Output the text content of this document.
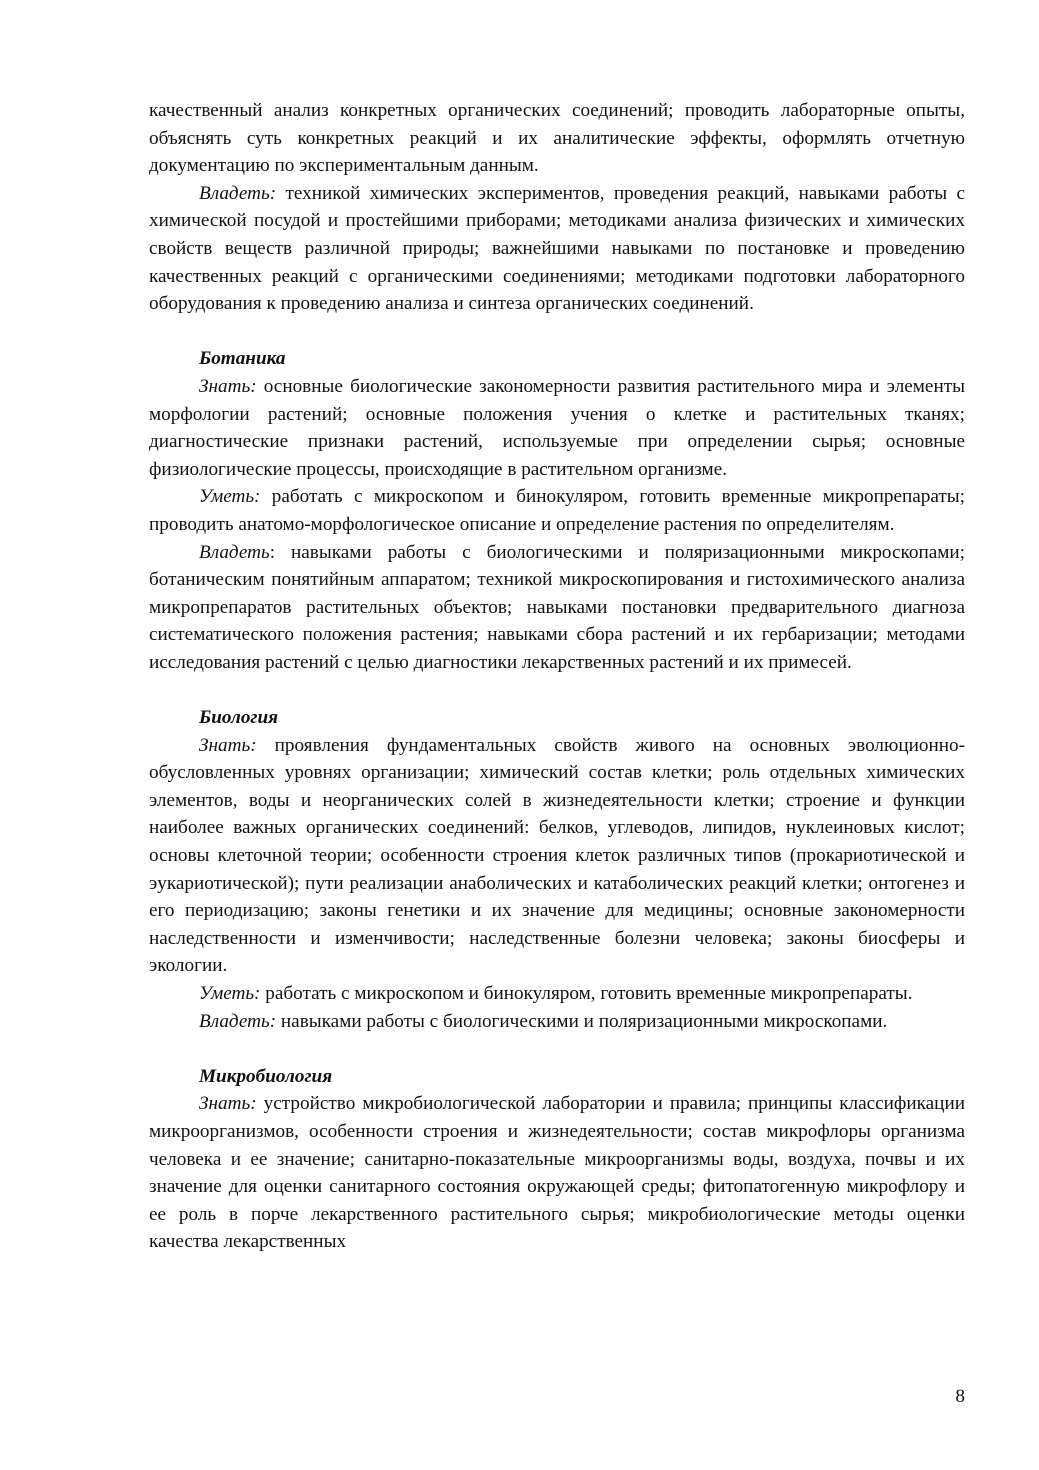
качественный анализ конкретных органических соединений; проводить лабораторные опыты, объяснять суть конкретных реакций и их аналитические эффекты, оформлять отчетную документацию по экспериментальным данным.

Владеть: техникой химических экспериментов, проведения реакций, навыками работы с химической посудой и простейшими приборами; методиками анализа физических и химических свойств веществ различной природы; важнейшими навыками по постановке и проведению качественных реакций с органическими соединениями; методиками подготовки лабораторного оборудования к проведению анализа и синтеза органических соединений.

Ботаника

Знать: основные биологические закономерности развития растительного мира и элементы морфологии растений; основные положения учения о клетке и растительных тканях; диагностические признаки растений, используемые при определении сырья; основные физиологические процессы, происходящие в растительном организме.

Уметь: работать с микроскопом и бинокуляром, готовить временные микропрепараты; проводить анатомо-морфологическое описание и определение растения по определителям.

Владеть: навыками работы с биологическими и поляризационными микроскопами; ботаническим понятийным аппаратом; техникой микроскопирования и гистохимического анализа микропрепаратов растительных объектов; навыками постановки предварительного диагноза систематического положения растения; навыками сбора растений и их гербаризации; методами исследования растений с целью диагностики лекарственных растений и их примесей.

Биология

Знать: проявления фундаментальных свойств живого на основных эволюционно-обусловленных уровнях организации; химический состав клетки; роль отдельных химических элементов, воды и неорганических солей в жизнедеятельности клетки; строение и функции наиболее важных органических соединений: белков, углеводов, липидов, нуклеиновых кислот; основы клеточной теории; особенности строения клеток различных типов (прокариотической и эукариотической); пути реализации анаболических и катаболических реакций клетки; онтогенез и его периодизацию; законы генетики и их значение для медицины; основные закономерности наследственности и изменчивости; наследственные болезни человека; законы биосферы и экологии.

Уметь: работать с микроскопом и бинокуляром, готовить временные микропрепараты.

Владеть: навыками работы с биологическими и поляризационными микроскопами.

Микробиология

Знать: устройство микробиологической лаборатории и правила; принципы классификации микроорганизмов, особенности строения и жизнедеятельности; состав микрофлоры организма человека и ее значение; санитарно-показательные микроорганизмы воды, воздуха, почвы и их значение для оценки санитарного состояния окружающей среды; фитопатогенную микрофлору и ее роль в порче лекарственного растительного сырья; микробиологические методы оценки качества лекарственных

8
